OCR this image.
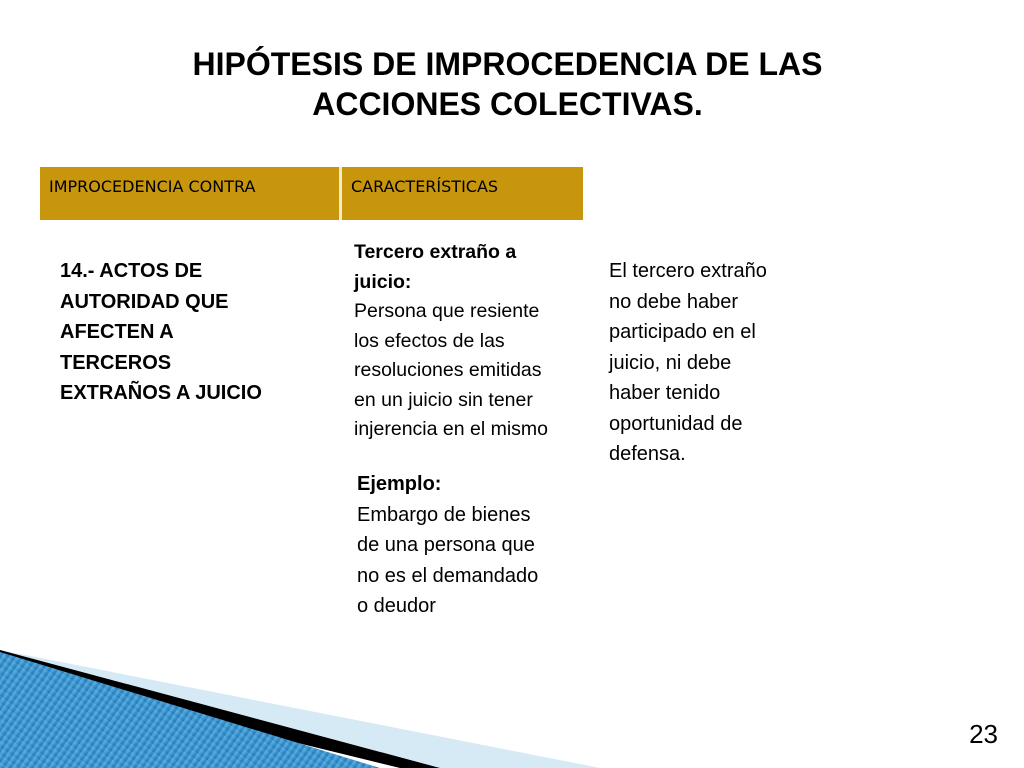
HIPÓTESIS DE IMPROCEDENCIA DE LAS
ACCIONES COLECTIVAS.
IMPROCEDENCIA CONTRA	CARACTERÍSTICAS
14.- ACTOS DE
AUTORIDAD QUE
AFECTEN A
TERCEROS
EXTRAÑOS A JUICIO
Tercero extraño a
juicio:
Persona que resiente
los efectos de las
resoluciones emitidas
en un juicio sin tener
injerencia en el mismo
Ejemplo:
Embargo de bienes
de una persona que
no es el demandado
o deudor
El tercero extraño
no debe haber
participado en el
juicio, ni debe
haber tenido
oportunidad de
defensa.
23
